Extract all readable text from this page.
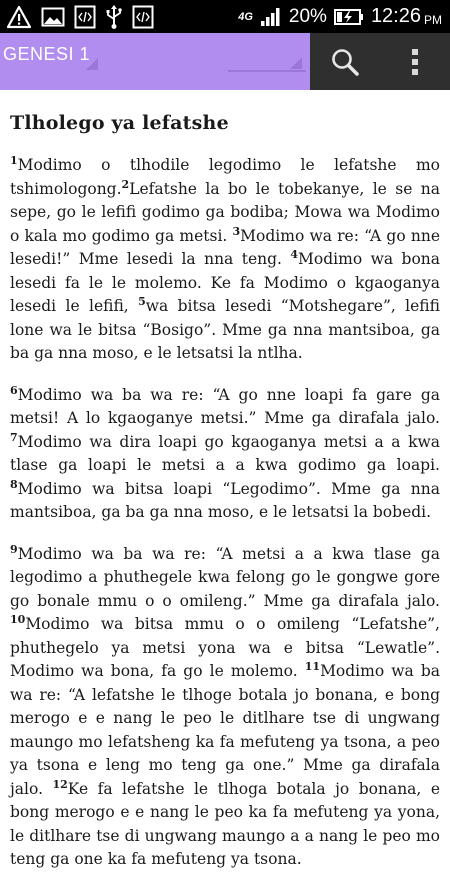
4G 20% 12:26 PM
GENESI 1
Tlholego ya lefatshe

$^1$Modimo o tlhodile legodimo le lefatshe mo tshimologong.$^2$Lefatshe la bo le tobekanye, le se na sepe, go le lefifi godimo ga bodiba; Mowa wa Modimo o kala mo godimo ga metsi. $^3$Modimo wa re: “A go nne lesedi!” Mme lesedi la nna teng. $^4$Modimo wa bona lesedi fa le le molemo. Ke fa Modimo o kgaoganya lesedi le lefifi, $^5$wa bitsa lesedi “Motshegare”, lefifi lone wa le bitsa “Bosigo”. Mme ga nna mantsiboa, ga ba ga nna moso, e le letsatsi la ntlha.

$^6$Modimo wa ba wa re: “A go nne loapi fa gare ga metsi! A lo kgaoganye metsi.” Mme ga dirafala jalo. $^7$Modimo wa dira loapi go kgaoganya metsi a a kwa tlase ga loapi le metsi a a kwa godimo ga loapi. $^8$Modimo wa bitsa loapi “Legodimo”. Mme ga nna mantsiboa, ga ba ga nna moso, e le letsatsi la bobedi.

$^9$Modimo wa ba wa re: “A metsi a a kwa tlase ga legodimo a phuthegele kwa felong go le gongwe gore go bonale mmu o o omileng.” Mme ga dirafala jalo. $^{10}$Modimo wa bitsa mmu o o omileng “Lefatshe”, phuthegelo ya metsi yona wa e bitsa “Lewatle”. Modimo wa bona, fa go le molemo. $^{11}$Modimo wa ba wa re: “A lefatshe le tlhoge botala jo bonana, e bong merogo e e nang le peo le ditlhare tse di ungwang maungo mo lefatsheng ka fa mefuteng ya tsona, a peo ya tsona e leng mo teng ga one.” Mme ga dirafala jalo. $^{12}$Ke fa lefatshe le tlhoga botala jo bonana, e bong merogo e e nang le peo ka fa mefuteng ya yona, le ditlhare tse di ungwang maungo a a nang le peo mo teng ga one ka fa mefuteng ya tsona.
